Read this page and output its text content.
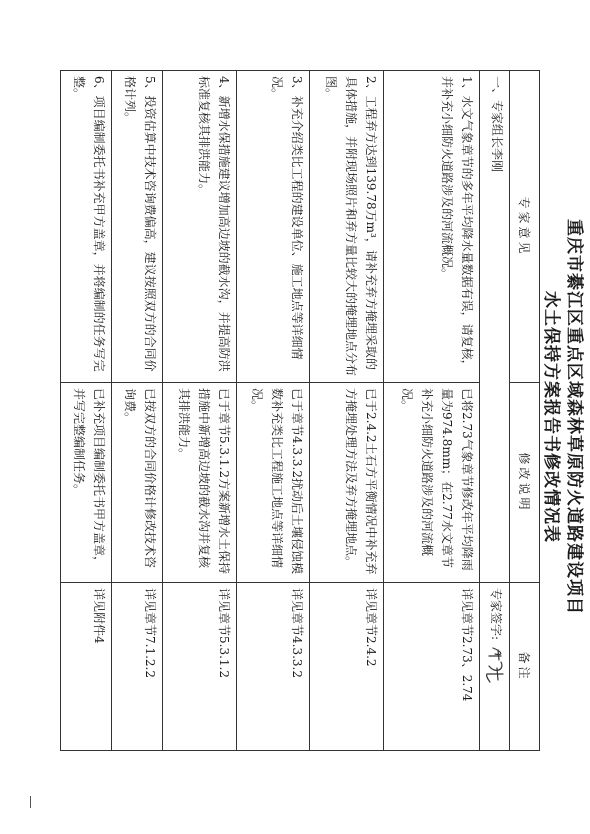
重庆市綦江区重点区域森林草原防火道路建设项目
水土保持方案报告书修改情况表
专家意见	修改说明	备注
一、专家组长李刚		专家签字:
1、水文气象章节的多年平均降水量数据有误，请复核，并补充小细防火道路涉及的河流概况。	已将2.73气象章节修改年平均降雨量为974.8mm；在2.77水文章节补充小细防火道路涉及的河流概况。	详见章节2.73、2.74
2、工程弃方达到139.78万m³，请补充弃方掩埋采取的具体措施，并附现场照片和弃方量比较大的掩埋地点分布图。	已于2.4.2土石方平衡情况中补充弃方掩埋处理方法及弃方掩埋地点。	详见章节2.4.2
3、补充介绍类比工程的建设单位、施工地点等详细情况。	已于章节4.3.3.2扰动后土壤侵蚀模数补充类比工程施工地点等详细情况。	详见章节4.3.3.2
4、新增水保措施建议增加高边坡的截水沟，并提高防洪标准复核其排洪能力。	已于章节5.3.1.2方案新增水土保持措施中新增高边坡的截水沟并复核其排洪能力。	详见章节5.3.1.2
5、投资估算中技术咨询费偏高，建议按照双方的合同价格计列。	已按双方的合同价格计修改技术咨询费。	详见章节7.1.2.2
6、项目编制委托书补充甲方盖章，并将编制的任务写完整。	已补充项目编制委托书甲方盖章，并写完整编制任务。	详见附件4
